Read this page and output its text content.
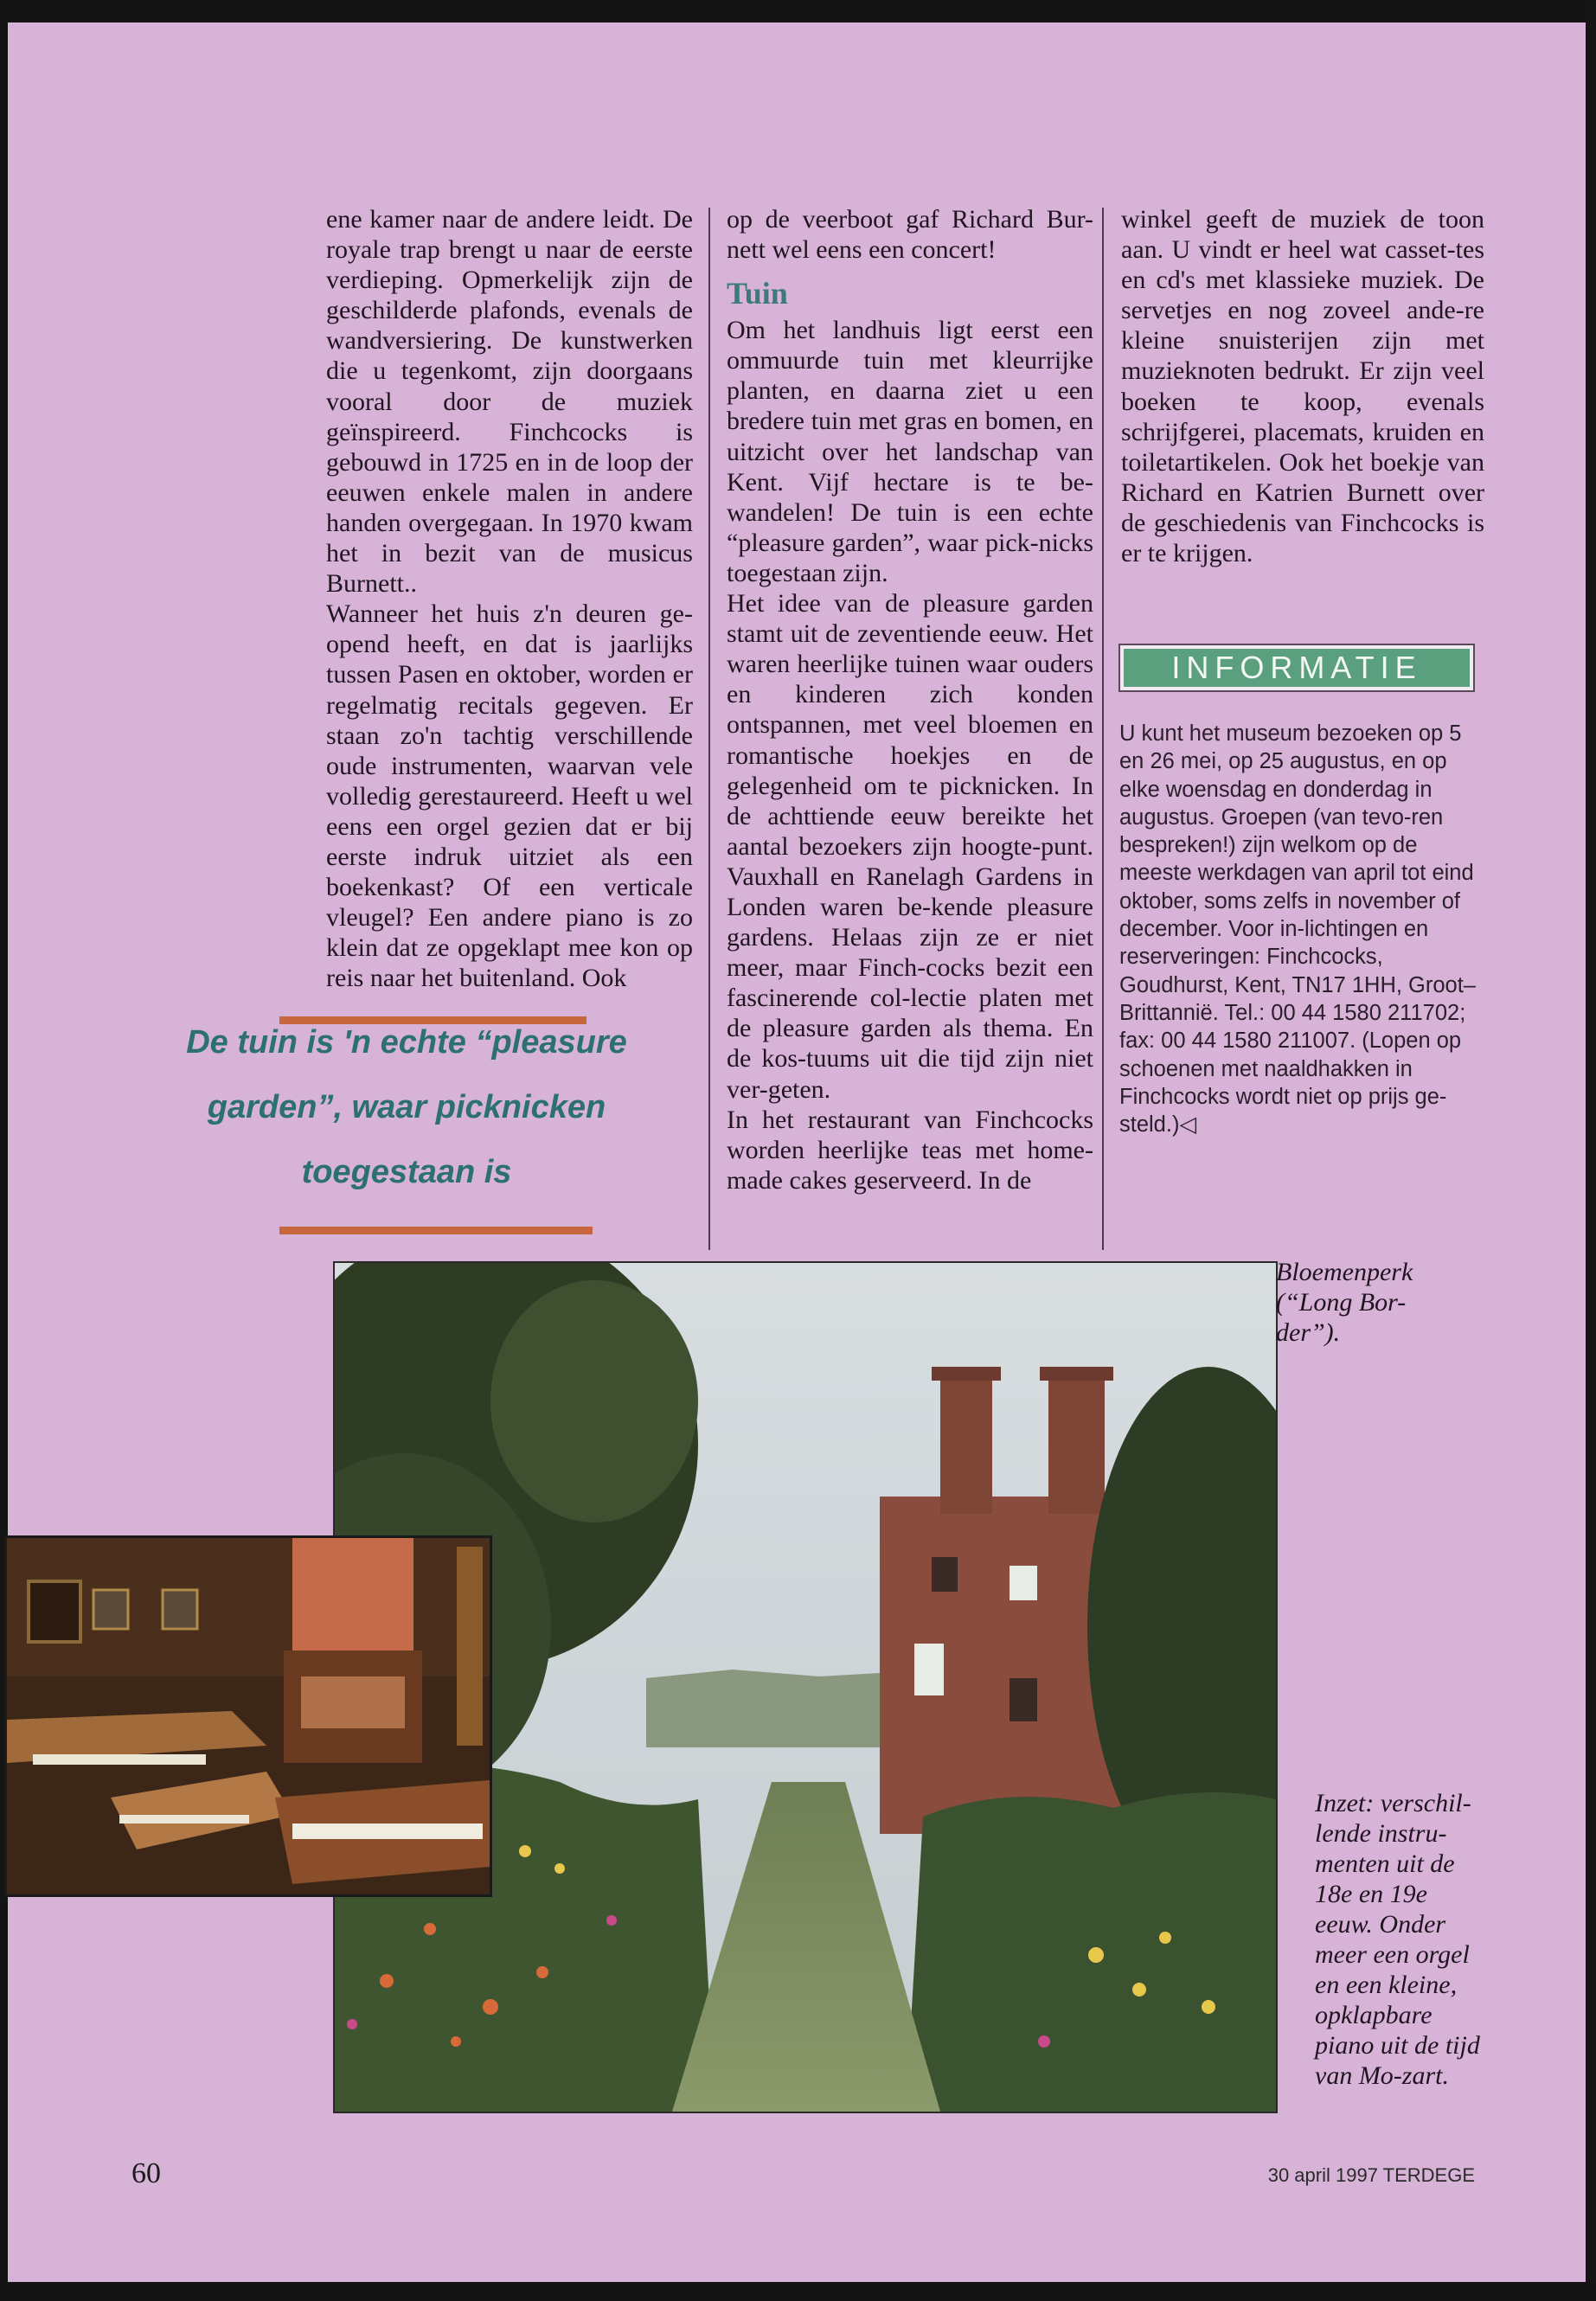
ene kamer naar de andere leidt. De royale trap brengt u naar de eerste verdieping. Opmerkelijk zijn de geschilderde plafonds, evenals de wandversiering. De kunstwerken die u tegenkomt, zijn doorgaans vooral door de muziek geïnspireerd. Finchcocks is gebouwd in 1725 en in de loop der eeuwen enkele malen in andere handen overgegaan. In 1970 kwam het in bezit van de musicus Burnett..

Wanneer het huis z'n deuren ge-opend heeft, en dat is jaarlijks tussen Pasen en oktober, worden er regelmatig recitals gegeven. Er staan zo'n tachtig verschillende oude instrumenten, waarvan vele volledig gerestaureerd. Heeft u wel eens een orgel gezien dat er bij eerste indruk uitziet als een boekenkast? Of een verticale vleugel? Een andere piano is zo klein dat ze opgeklapt mee kon op reis naar het buitenland. Ook

op de veerboot gaf Richard Bur-nett wel eens een concert!

Tuin

Om het landhuis ligt eerst een ommuurde tuin met kleurrijke planten, en daarna ziet u een bredere tuin met gras en bomen, en uitzicht over het landschap van Kent. Vijf hectare is te be-wandelen! De tuin is een echte “pleasure garden”, waar pick-nicks toegestaan zijn.

Het idee van de pleasure garden stamt uit de zeventiende eeuw. Het waren heerlijke tuinen waar ouders en kinderen zich konden ontspannen, met veel bloemen en romantische hoekjes en de gelegenheid om te picknicken. In de achttiende eeuw bereikte het aantal bezoekers zijn hoogte-punt. Vauxhall en Ranelagh Gardens in Londen waren be-kende pleasure gardens. Helaas zijn ze er niet meer, maar Finch-cocks bezit een fascinerende col-lectie platen met de pleasure garden als thema. En de kos-tuums uit die tijd zijn niet ver-geten.

In het restaurant van Finchcocks worden heerlijke teas met home-made cakes geserveerd. In de

winkel geeft de muziek de toon aan. U vindt er heel wat casset-tes en cd's met klassieke muziek. De servetjes en nog zoveel ande-re kleine snuisterijen zijn met muzieknoten bedrukt. Er zijn veel boeken te koop, evenals schrijfgerei, placemats, kruiden en toiletartikelen. Ook het boekje van Richard en Katrien Burnett over de geschiedenis van Finchcocks is er te krijgen.

INFORMATIE
U kunt het museum bezoeken op 5 en 26 mei, op 25 augustus, en op elke woensdag en donderdag in augustus. Groepen (van tevo-ren bespreken!) zijn welkom op de meeste werkdagen van april tot eind oktober, soms zelfs in november of december. Voor in-lichtingen en reserveringen: Finchcocks, Goudhurst, Kent, TN17 1HH, Groot–Brittannië. Tel.: 00 44 1580 211702; fax: 00 44 1580 211007. (Lopen op schoenen met naaldhakken in Finchcocks wordt niet op prijs ge-steld.)◁
De tuin is 'n echte “pleasure garden”, waar picknicken toegestaan is
Bloemenperk (“Long Bor-der”).
Inzet: verschil-lende instru-menten uit de 18e en 19e eeuw. Onder meer een orgel en een kleine, opklapbare piano uit de tijd van Mo-zart.
60	30 april 1997 TERDEGE
